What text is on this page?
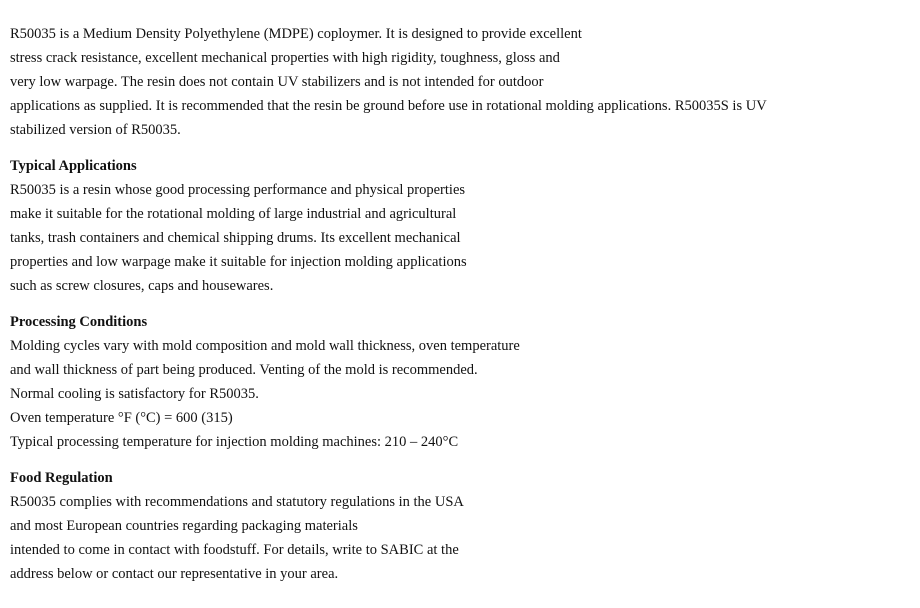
R50035 is a Medium Density Polyethylene (MDPE) coploymer. It is designed to provide excellent
stress crack resistance, excellent mechanical properties with high rigidity, toughness, gloss and
very low warpage. The resin does not contain UV stabilizers and is not intended for outdoor
applications as supplied. It is recommended that the resin be ground before use in rotational molding applications. R50035S is UV
stabilized version of R50035.
Typical Applications
R50035 is a resin whose good processing performance and physical properties
make it suitable for the rotational molding of large industrial and agricultural
tanks, trash containers and chemical shipping drums. Its excellent mechanical
properties and low warpage make it suitable for injection molding applications
such as screw closures, caps and housewares.
Processing Conditions
Molding cycles vary with mold composition and mold wall thickness, oven temperature
and wall thickness of part being produced. Venting of the mold is recommended.
Normal cooling is satisfactory for R50035.
Oven temperature °F (°C) = 600 (315)
Typical processing temperature for injection molding machines: 210 – 240°C
Food Regulation
R50035 complies with recommendations and statutory regulations in the USA
and most European countries regarding packaging materials
intended to come in contact with foodstuff. For details, write to SABIC at the
address below or contact our representative in your area.
